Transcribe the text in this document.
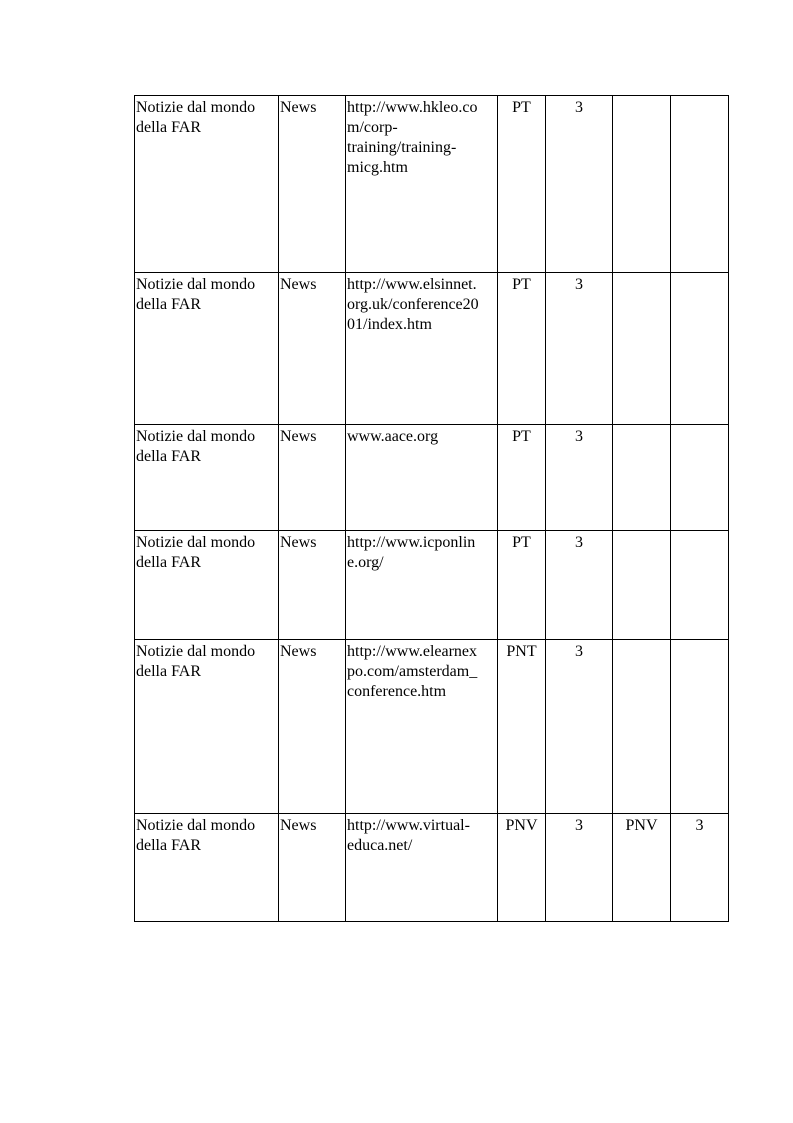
Notizie dal mondo della FAR	News	http://www.hkleo.co
m/corp-
training/training-
micg.htm	PT	3		
Notizie dal mondo della FAR	News	http://www.elsinnet.
org.uk/conference20
01/index.htm	PT	3		
Notizie dal mondo della FAR	News	www.aace.org	PT	3		
Notizie dal mondo della FAR	News	http://www.icponlin
e.org/	PT	3		
Notizie dal mondo della FAR	News	http://www.elearnex
po.com/amsterdam_
conference.htm	PNT	3		
Notizie dal mondo della FAR	News	http://www.virtual-
educa.net/	PNV	3	PNV	3
